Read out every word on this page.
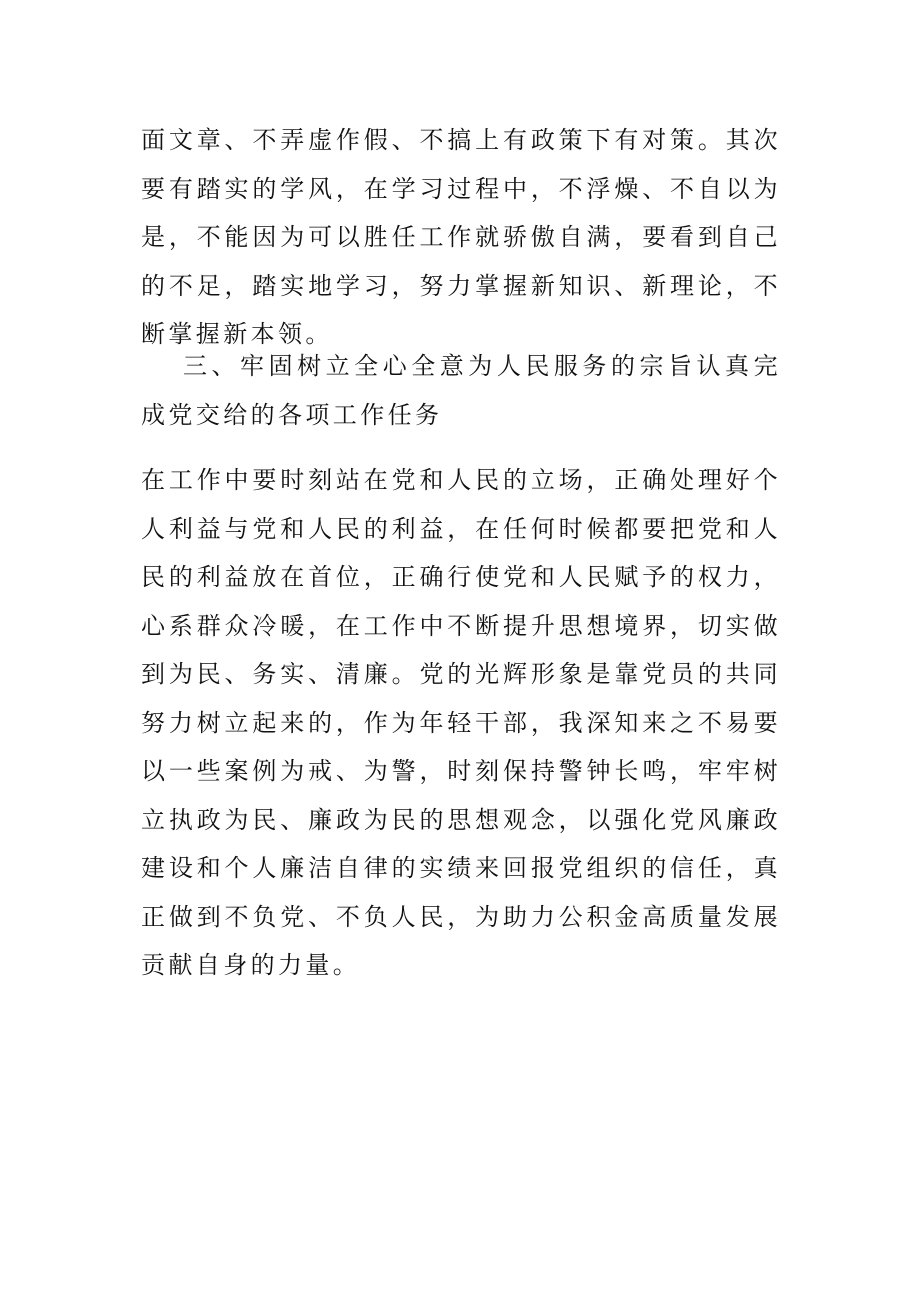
面文章、不弄虚作假、不搞上有政策下有对策。其次要有踏实的学风，在学习过程中，不浮燥、不自以为是，不能因为可以胜任工作就骄傲自满，要看到自己的不足，踏实地学习，努力掌握新知识、新理论，不断掌握新本领。

三、牢固树立全心全意为人民服务的宗旨认真完成党交给的各项工作任务

在工作中要时刻站在党和人民的立场，正确处理好个人利益与党和人民的利益，在任何时候都要把党和人民的利益放在首位，正确行使党和人民赋予的权力，心系群众冷暖，在工作中不断提升思想境界，切实做到为民、务实、清廉。党的光辉形象是靠党员的共同努力树立起来的，作为年轻干部，我深知来之不易要以一些案例为戒、为警，时刻保持警钟长鸣，牢牢树立执政为民、廉政为民的思想观念，以强化党风廉政建设和个人廉洁自律的实绩来回报党组织的信任，真正做到不负党、不负人民，为助力公积金高质量发展贡献自身的力量。
